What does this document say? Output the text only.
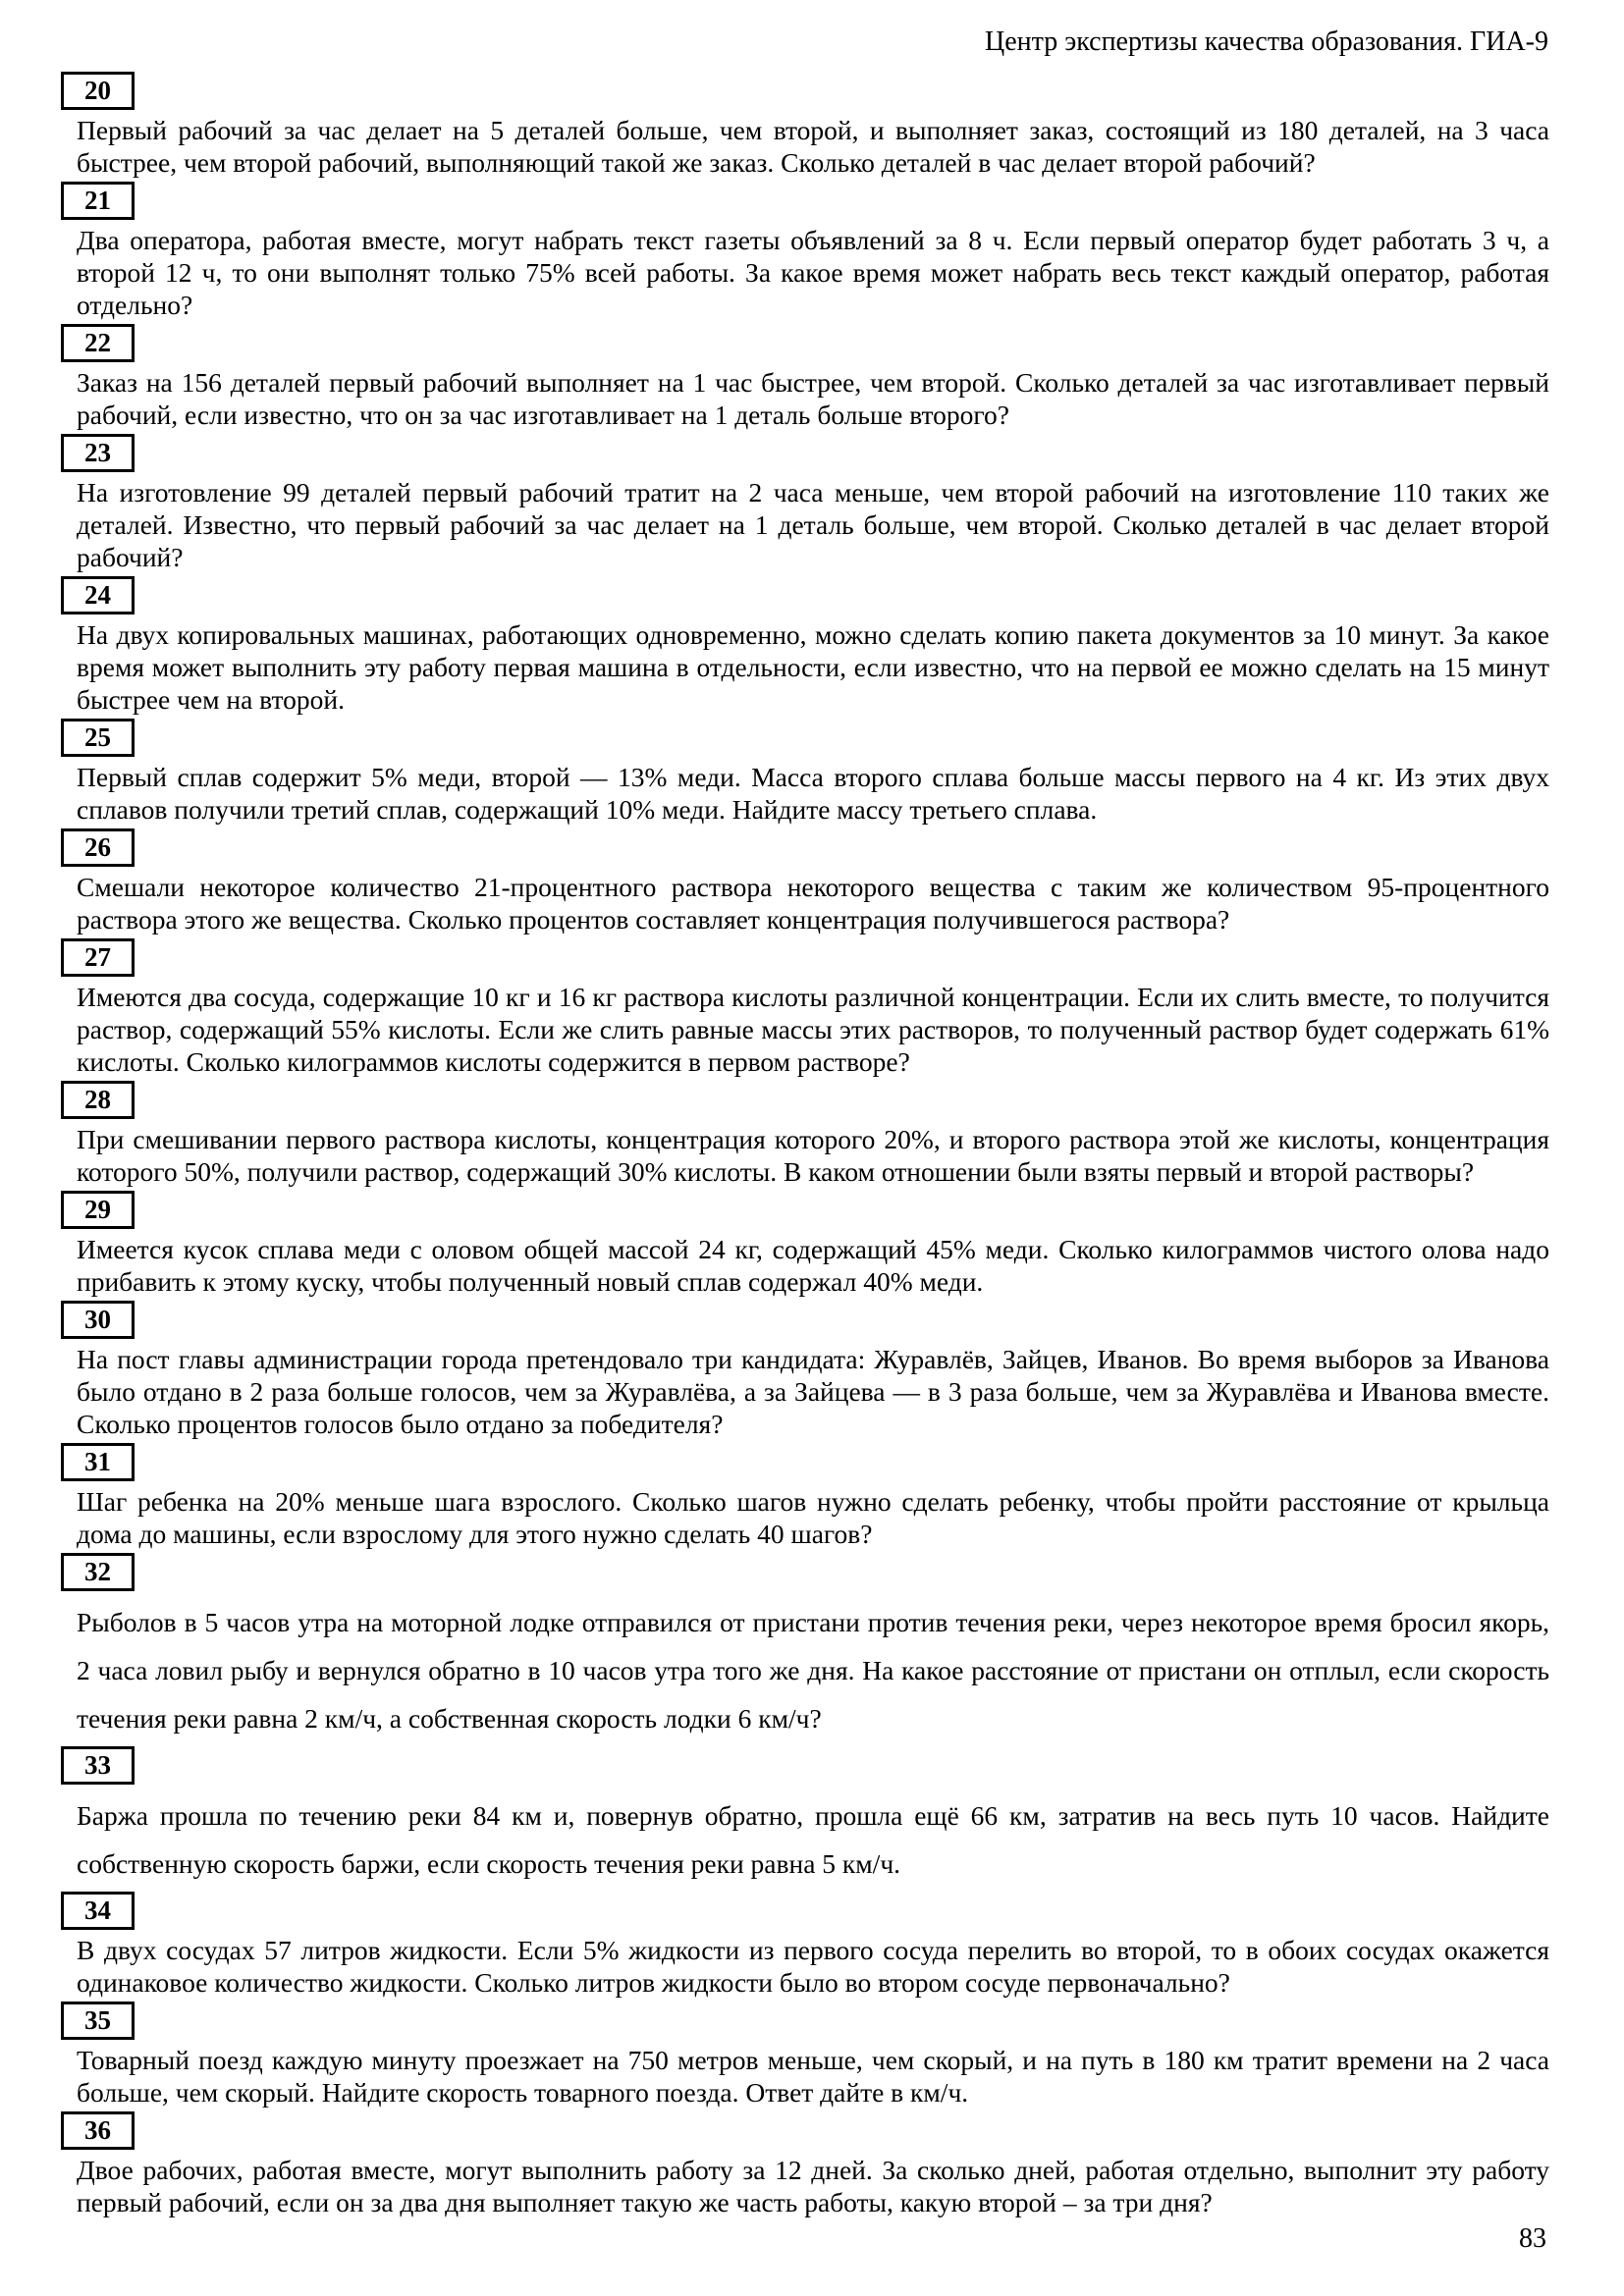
Центр экспертизы качества образования. ГИА-9
20

Первый рабочий за час делает на 5 деталей больше, чем второй, и выполняет заказ, состоящий из 180 деталей, на 3 часа быстрее, чем второй рабочий, выполняющий такой же заказ. Сколько деталей в час делает второй рабочий?

21

Два оператора, работая вместе, могут набрать текст газеты объявлений за 8 ч. Если первый оператор будет работать 3 ч, а второй 12 ч, то они выполнят только 75% всей работы. За какое время может набрать весь текст каждый оператор, работая отдельно?

22

Заказ на 156 деталей первый рабочий выполняет на 1 час быстрее, чем второй. Сколько деталей за час изготавливает первый рабочий, если известно, что он за час изготавливает на 1 деталь больше второго?

23

На изготовление 99 деталей первый рабочий тратит на 2 часа меньше, чем второй рабочий на изготовление 110 таких же деталей. Известно, что первый рабочий за час делает на 1 деталь больше, чем второй. Сколько деталей в час делает второй рабочий?

24

На двух копировальных машинах, работающих одновременно, можно сделать копию пакета документов за 10 минут. За какое время может выполнить эту работу первая машина в отдельности, если известно, что на первой ее можно сделать на 15 минут быстрее чем на второй.

25

Первый сплав содержит 5% меди, второй — 13% меди. Масса второго сплава больше массы первого на 4 кг. Из этих двух сплавов получили третий сплав, содержащий 10% меди. Найдите массу третьего сплава.

26

Смешали некоторое количество 21-процентного раствора некоторого вещества с таким же количеством 95-процентного раствора этого же вещества. Сколько процентов составляет концентрация получившегося раствора?

27

Имеются два сосуда, содержащие 10 кг и 16 кг раствора кислоты различной концентрации. Если их слить вместе, то получится раствор, содержащий 55% кислоты. Если же слить равные массы этих растворов, то полученный раствор будет содержать 61% кислоты. Сколько килограммов кислоты содержится в первом растворе?

28

При смешивании первого раствора кислоты, концентрация которого 20%, и второго раствора этой же кислоты, концентрация которого 50%, получили раствор, содержащий 30% кислоты. В каком отношении были взяты первый и второй растворы?

29

Имеется кусок сплава меди с оловом общей массой 24 кг, содержащий 45% меди. Сколько килограммов чистого олова надо прибавить к этому куску, чтобы полученный новый сплав содержал 40% меди.

30

На пост главы администрации города претендовало три кандидата: Журавлёв, Зайцев, Иванов. Во время выборов за Иванова было отдано в 2 раза больше голосов, чем за Журавлёва, а за Зайцева — в 3 раза больше, чем за Журавлёва и Иванова вместе. Сколько процентов голосов было отдано за победителя?

31

Шаг ребенка на 20% меньше шага взрослого. Сколько шагов нужно сделать ребенку, чтобы пройти расстояние от крыльца дома до машины, если взрослому для этого нужно сделать 40 шагов?

32

Рыболов в 5 часов утра на моторной лодке отправился от пристани против течения реки, через некоторое время бросил якорь, 2 часа ловил рыбу и вернулся обратно в 10 часов утра того же дня. На какое расстояние от пристани он отплыл, если скорость течения реки равна 2 км/ч, а собственная скорость лодки 6 км/ч?

33

Баржа прошла по течению реки 84 км и, повернув обратно, прошла ещё 66 км, затратив на весь путь 10 часов. Найдите собственную скорость баржи, если скорость течения реки равна 5 км/ч.

34

В двух сосудах 57 литров жидкости. Если 5% жидкости из первого сосуда перелить во второй, то в обоих сосудах окажется одинаковое количество жидкости. Сколько литров жидкости было во втором сосуде первоначально?

35

Товарный поезд каждую минуту проезжает на 750 метров меньше, чем скорый, и на путь в 180 км тратит времени на 2 часа больше, чем скорый. Найдите скорость товарного поезда. Ответ дайте в км/ч.

36

Двое рабочих, работая вместе, могут выполнить работу за 12 дней. За сколько дней, работая отдельно, выполнит эту работу первый рабочий, если он за два дня выполняет такую же часть работы, какую второй – за три дня?

83
